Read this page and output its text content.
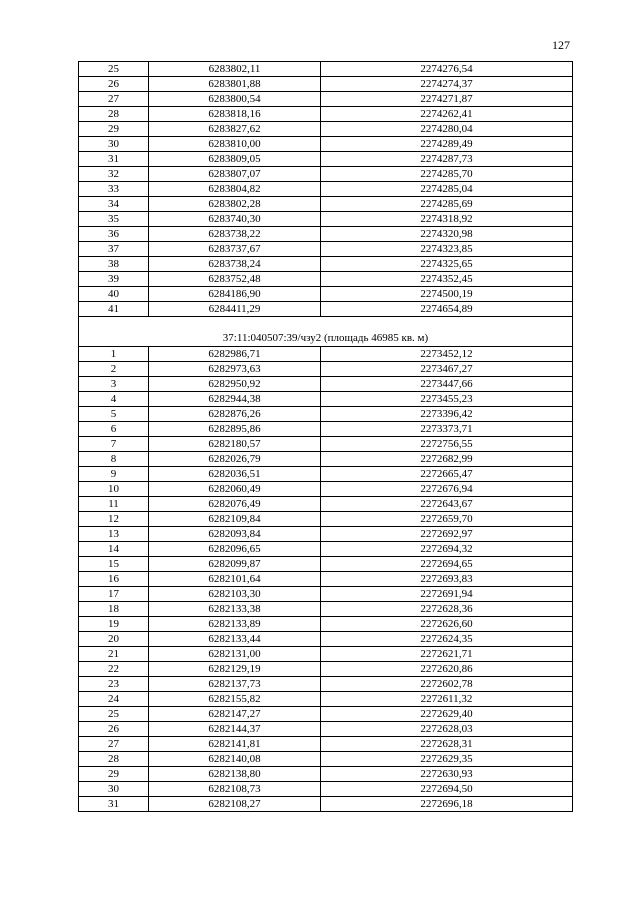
127
25	6283802,11	2274276,54
26	6283801,88	2274274,37
27	6283800,54	2274271,87
28	6283818,16	2274262,41
29	6283827,62	2274280,04
30	6283810,00	2274289,49
31	6283809,05	2274287,73
32	6283807,07	2274285,70
33	6283804,82	2274285,04
34	6283802,28	2274285,69
35	6283740,30	2274318,92
36	6283738,22	2274320,98
37	6283737,67	2274323,85
38	6283738,24	2274325,65
39	6283752,48	2274352,45
40	6284186,90	2274500,19
41	6284411,29	2274654,89
37:11:040507:39/чзу2 (площадь 46985 кв. м)		
1	6282986,71	2273452,12
2	6282973,63	2273467,27
3	6282950,92	2273447,66
4	6282944,38	2273455,23
5	6282876,26	2273396,42
6	6282895,86	2273373,71
7	6282180,57	2272756,55
8	6282026,79	2272682,99
9	6282036,51	2272665,47
10	6282060,49	2272676,94
11	6282076,49	2272643,67
12	6282109,84	2272659,70
13	6282093,84	2272692,97
14	6282096,65	2272694,32
15	6282099,87	2272694,65
16	6282101,64	2272693,83
17	6282103,30	2272691,94
18	6282133,38	2272628,36
19	6282133,89	2272626,60
20	6282133,44	2272624,35
21	6282131,00	2272621,71
22	6282129,19	2272620,86
23	6282137,73	2272602,78
24	6282155,82	2272611,32
25	6282147,27	2272629,40
26	6282144,37	2272628,03
27	6282141,81	2272628,31
28	6282140,08	2272629,35
29	6282138,80	2272630,93
30	6282108,73	2272694,50
31	6282108,27	2272696,18
